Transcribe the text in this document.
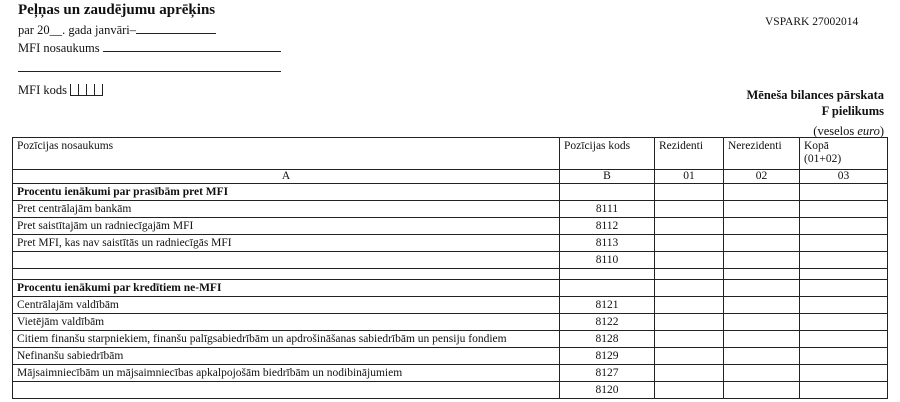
Peļņas un zaudējumu aprēķins
par 20__. gada janvāri–
VSPARK 27002014
MFI nosaukums
MFI kods	Mēneša bilances pārskata
F pielikums
(veselos euro)
Pozīcijas nosaukums	Pozīcijas kods	Rezidenti	Nerezidenti	Kopā
(01+02)
A	B	01	02	03
Procentu ienākumi par prasībām pret MFI				
Pret centrālajām bankām	8111			
Pret saistītajām un radniecīgajām MFI	8112			
Pret MFI, kas nav saistītās un radniecīgās MFI	8113			
	8110			

Procentu ienākumi par kredītiem ne-MFI				
Centrālajām valdībām	8121			
Vietējām valdībām	8122			
Citiem finanšu starpniekiem, finanšu palīgsabiedrībām un apdrošināšanas sabiedrībām un pensiju fondiem	8128			
Nefinanšu sabiedrībām	8129			
Mājsaimniecībām un mājsaimniecības apkalpojošām biedrībām un nodibinājumiem	8127			
	8120			
